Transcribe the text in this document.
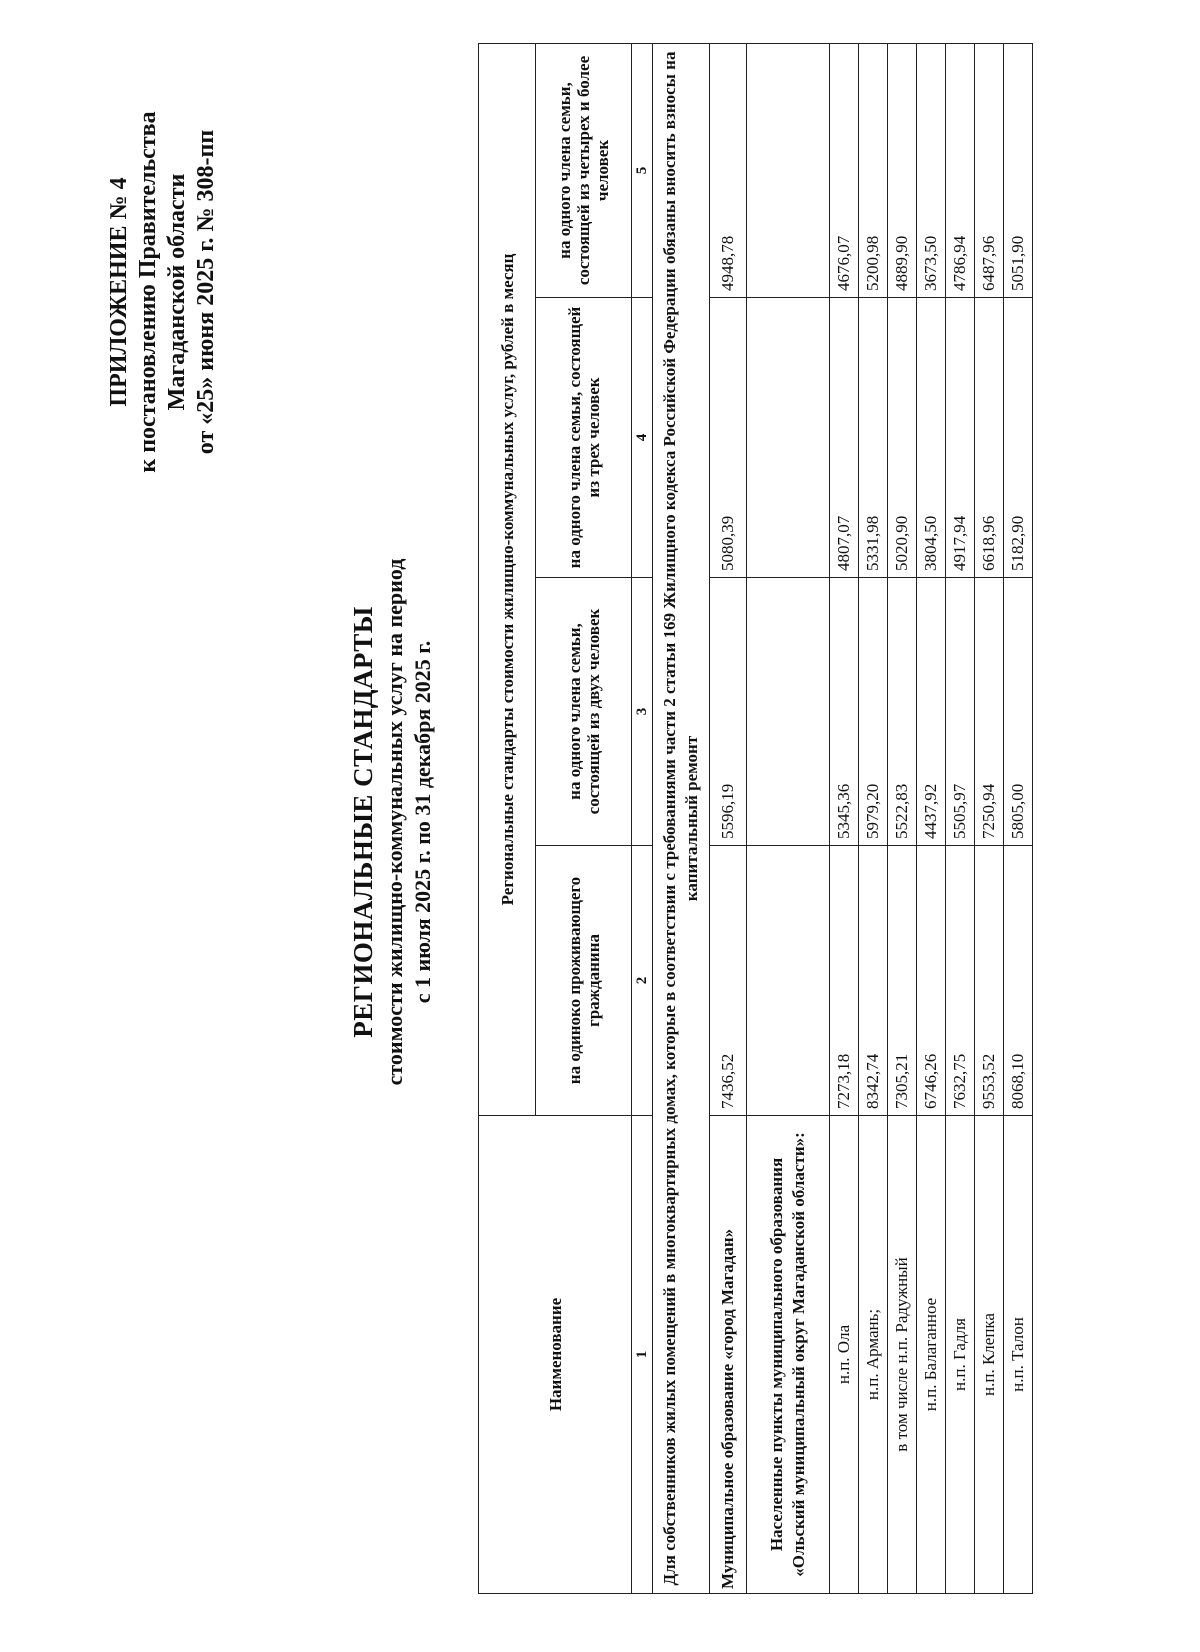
ПРИЛОЖЕНИЕ № 4 к постановлению Правительства Магаданской области от «25» июня 2025 г. № 308-пп
РЕГИОНАЛЬНЫЕ СТАНДАРТЫ стоимости жилищно-коммунальных услуг на период с 1 июля 2025 г. по 31 декабря 2025 г.
Наименование	Региональные стандарты стоимости жилищно-коммунальных услуг, рублей в месяц			
	на одиноко проживающего гражданина	на одного члена семьи, состоящей из двух человек	на одного члена семьи, состоящей из трех человек	на одного члена семьи, состоящей из четырех и более человек
1	2	3	4	5
Для собственников жилых помещений в многоквартирных домах, которые в соответствии с требованиями части 2 статьи 169 Жилищного кодекса Российской Федерации обязаны вносить взносы на капитальный ремонт				
Муниципальное образование «город Магадан»	7436,52	5596,19	5080,39	4948,78
Населенные пункты муниципального образования «Ольский муниципальный округ Магаданской области»:				
н.п. Ола	7273,18	5345,36	4807,07	4676,07
н.п. Армань;	8342,74	5979,20	5331,98	5200,98
в том числе н.п. Радужный	7305,21	5522,83	5020,90	4889,90
н.п. Балаганное	6746,26	4437,92	3804,50	3673,50
н.п. Гадля	7632,75	5505,97	4917,94	4786,94
н.п. Клепка	9553,52	7250,94	6618,96	6487,96
н.п. Талон	8068,10	5805,00	5182,90	5051,90
